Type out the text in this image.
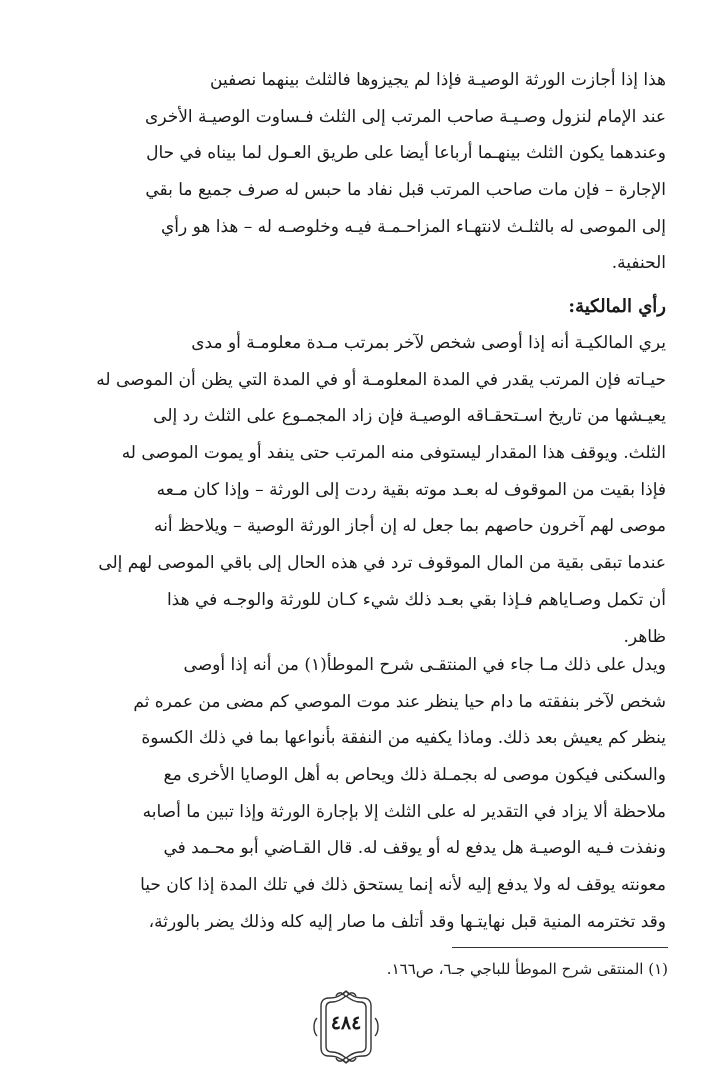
هذا إذا أجازت الورثة الوصيـة فإذا لم يجيزوها فالثلث بينهما نصفين
عند الإمام لنزول وصـيـة صاحب المرتب إلى الثلث فـساوت الوصيـة الأخرى
وعندهما يكون الثلث بينهـما أرباعا أيضا على طريق العـول لما بيناه في حال
الإجارة – فإن مات صاحب المرتب قبل نفاد ما حبس له صرف جميع ما بقي
إلى الموصى له بالثلـث لانتهـاء المزاحـمـة فيـه وخلوصـه له – هذا هو رأي
الحنفية.
رأي المالكية:
يري المالكيـة أنه إذا أوصى شخص لآخر بمرتب مـدة معلومـة أو مدى
حيـاته فإن المرتب يقدر في المدة المعلومـة أو في المدة التي يظن أن الموصى له
يعيـشها من تاريخ اسـتحقـاقه الوصيـة فإن زاد المجمـوع على الثلث رد إلى
الثلث. ويوقف هذا المقدار ليستوفى منه المرتب حتى ينفد أو يموت الموصى له
فإذا بقيت من الموقوف له بعـد موته بقية ردت إلى الورثة – وإذا كان مـعه
موصى لهم آخرون حاصهم بما جعل له إن أجاز الورثة الوصية – ويلاحظ أنه
عندما تبقى بقية من المال الموقوف ترد في هذه الحال إلى باقي الموصى لهم إلى
أن تكمل وصـاياهم فـإذا بقي بعـد ذلك شيء كـان للورثة والوجـه في هذا
ظاهر.
ويدل على ذلك مـا جاء في المنتقـى شرح الموطأ(١) من أنه إذا أوصى
شخص لآخر بنفقته ما دام حيا ينظر عند موت الموصي كم مضى من عمره ثم
ينظر كم يعيش بعد ذلك. وماذا يكفيه من النفقة بأنواعها بما في ذلك الكسوة
والسكنى فيكون موصى له بجمـلة ذلك ويحاص به أهل الوصايا الأخرى مع
ملاحظة ألا يزاد في التقدير له على الثلث إلا بإجارة الورثة وإذا تبين ما أصابه
ونفذت فـيه الوصيـة هل يدفع له أو يوقف له. قال القـاضي أبو محـمد في
معونته يوقف له ولا يدفع إليه لأنه إنما يستحق ذلك في تلك المدة إذا كان حيا
وقد تخترمه المنية قبل نهايتـها وقد أتلف ما صار إليه كله وذلك يضر بالورثة،
(١) المنتقى شرح الموطأ للباجي جـ٦، ص١٦٦.
٤٨٤
